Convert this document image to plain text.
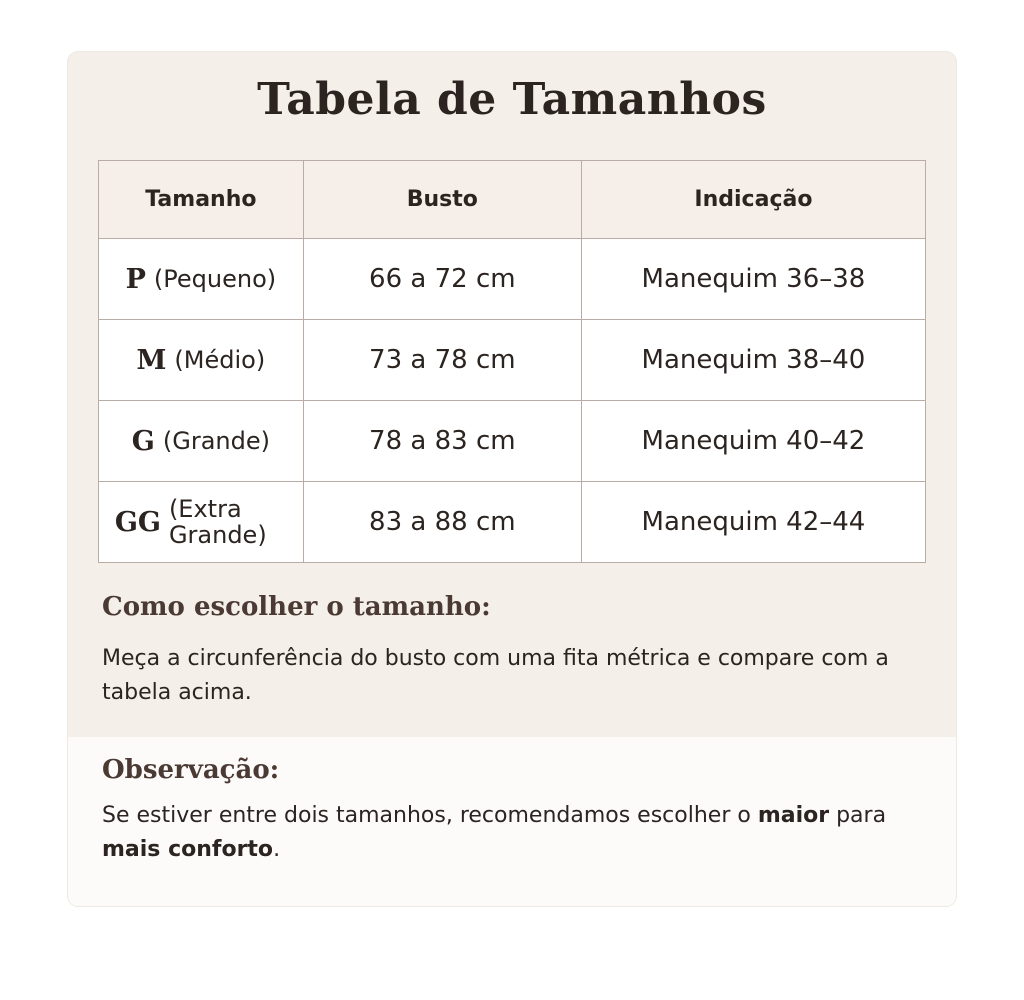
Tabela de Tamanhos
Tamanho	Busto	Indicação

P (Pequeno)	66 a 72 cm	Manequim 36–38

M (Médio)	73 a 78 cm	Manequim 38–40

G (Grande)	78 a 83 cm	Manequim 40–42

GG (Extra Grande)	83 a 88 cm	Manequim 42–44
Como escolher o tamanho:
Meça a circunferência do busto com uma fita métrica e compare com a tabela acima.
Observação:
Se estiver entre dois tamanhos, recomendamos escolher o maior para mais conforto.
